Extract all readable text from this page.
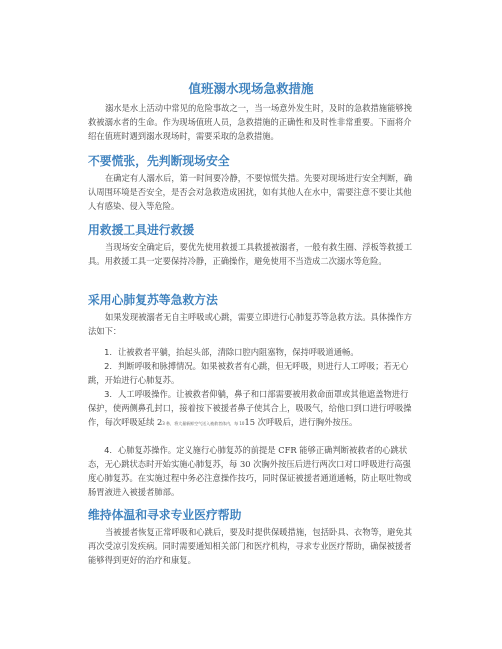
值班溺水现场急救措施
溺水是水上活动中常见的危险事故之一，当一场意外发生时，及时的急救措施能够挽救被溺水者的生命。作为现场值班人员，急救措施的正确性和及时性非常重要。下面将介绍在值班时遇到溺水现场时，需要采取的急救措施。
不要慌张，先判断现场安全
在确定有人溺水后，第一时间要冷静，不要惊慌失措。先要对现场进行安全判断，确认周围环境是否安全，是否会对急救造成困扰，如有其他人在水中，需要注意不要让其他人有感染、侵入等危险。
用救援工具进行救援
当现场安全确定后，要优先使用救援工具救援被溺者，一般有救生圈、浮板等救援工具。用救援工具一定要保持冷静，正确操作，避免使用不当造成二次溺水等危险。
采用心肺复苏等急救方法
如果发现被溺者无自主呼吸或心跳，需要立即进行心肺复苏等急救方法。具体操作方法如下：
1. 让被救者平躺，抬起头部，清除口腔内阻塞物，保持呼吸道通畅。
2. 判断呼吸和脉搏情况。如果被救者有心跳，但无呼吸，则进行人工呼吸；若无心跳，开始进行心肺复苏。
3. 人工呼吸操作。让被救者仰躺，鼻子和口部需要被用救命面罩或其他遮盖物进行保护，使两侧鼻孔封口，接着按下被援者鼻子使其合上，吸吸气，给他口到口进行呼吸操作，每次呼吸延续 23 秒，将大量新鲜空气送入被救者体内，每 1015 次呼吸后，进行胸外按压。
4. 心肺复苏操作。定义施行心肺复苏的前提是 CFR 能够正确判断被救者的心跳状态，无心跳状态时开始实施心肺复苏，每 30 次胸外按压后进行两次口对口呼吸进行高强度心肺复苏。在实施过程中务必注意操作技巧，同时保证被援者通道通畅，防止呕吐物或肠胃液进入被援者肺部。
维持体温和寻求专业医疗帮助
当被援者恢复正常呼吸和心跳后，要及时提供保暖措施，包括卧具、衣物等，避免其再次受凉引发疾病。同时需要通知相关部门和医疗机构，寻求专业医疗帮助，确保被援者能够得到更好的治疗和康复。
